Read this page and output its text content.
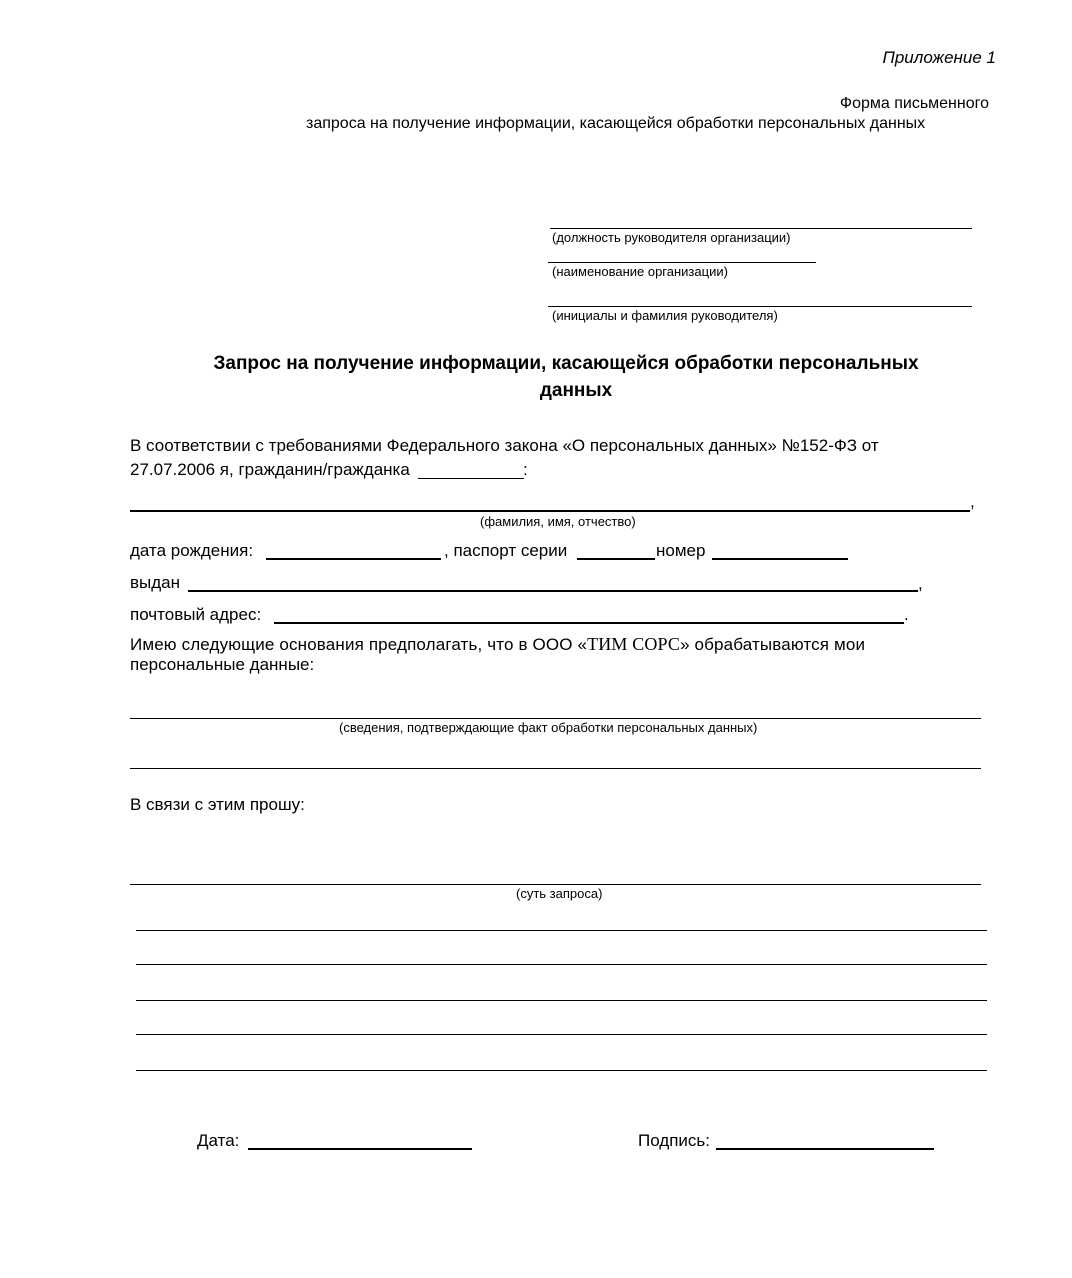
Приложение 1
Форма письменного
запроса на получение информации, касающейся обработки персональных данных
(должность руководителя организации)
(наименование организации)
(инициалы и фамилия руководителя)
Запрос на получение информации, касающейся обработки персональных
данных
В соответствии с требованиями Федерального закона «О персональных данных» №152-ФЗ от
27.07.2006 я, гражданин/гражданка	:
,
(фамилия, имя, отчество)
дата рождения:	, паспорт серии	номер
выдан	,
почтовый адрес:	.
Имею следующие основания предполагать, что в ООО «ТИМ СОРС» обрабатываются мои
персональные данные:
(сведения, подтверждающие факт обработки персональных данных)
В связи с этим прошу:
(суть запроса)
Дата:	Подпись:
